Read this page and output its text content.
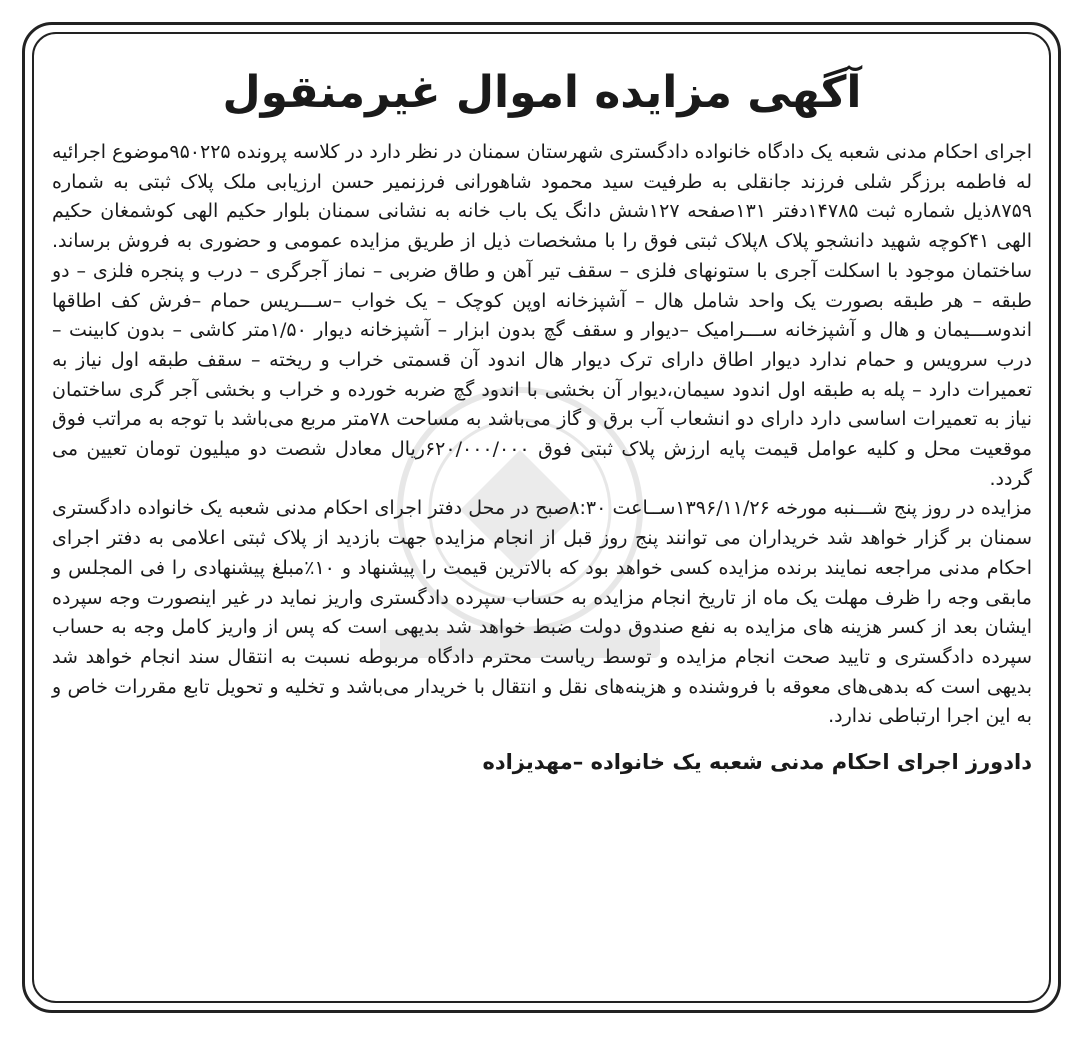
آگهی مزایده اموال غیرمنقول

اجرای احکام مدنی شعبه یک دادگاه خانواده دادگستری شهرستان سمنان در نظر دارد در کلاسه پرونده ۹۵۰۲۲۵موضوع اجرائیه له فاطمه برزگر شلی فرزند جانقلی به طرفیت سید محمود شاهورانی فرزنمیر حسن ارزیابی ملک پلاک ثبتی به شماره ۸۷۵۹ذیل شماره ثبت ۱۴۷۸۵دفتر ۱۳۱صفحه ۱۲۷شش دانگ یک باب خانه به نشانی سمنان بلوار حکیم الهی کوشمغان حکیم الهی ۴۱کوچه شهید دانشجو پلاک ۸پلاک ثبتی فوق را با مشخصات ذیل از طریق مزایده عمومی و حضوری به فروش برساند. ساختمان موجود با اسکلت آجری با ستونهای فلزی – سقف تیر آهن و طاق ضربی – نماز آجرگری – درب و پنجره فلزی – دو طبقه – هر طبقه بصورت یک واحد شامل هال – آشپزخانه اوپن کوچک – یک خواب –ســـریس حمام –فرش کف اطاقها اندوســـیمان و هال و آشپزخانه ســـرامیک –دیوار و سقف گچ بدون ابزار – آشپزخانه دیوار ۱/۵۰متر کاشی – بدون کابینت – درب سرویس و حمام ندارد دیوار اطاق دارای ترک دیوار هال اندود آن قسمتی خراب و ریخته – سقف طبقه اول نیاز به تعمیرات دارد – پله به طبقه اول اندود سیمان،دیوار آن بخشی با اندود گچ ضربه خورده و خراب و بخشی آجر گری ساختمان نیاز به تعمیرات اساسی دارد دارای دو انشعاب آب برق و گاز می‌باشد به مساحت ۷۸متر مربع می‌باشد با توجه به مراتب فوق موقعیت محل و کلیه عوامل قیمت پایه ارزش پلاک ثبتی فوق ۶۲۰/۰۰۰/۰۰۰ریال معادل شصت دو میلیون تومان تعیین می گردد.

مزایده در روز پنج شـــنبه مورخه ۱۳۹۶/۱۱/۲۶ســاعت ۸:۳۰صبح در محل دفتر اجرای احکام مدنی شعبه یک خانواده دادگستری سمنان بر گزار خواهد شد خریداران می توانند پنج روز قبل از انجام مزایده جهت بازدید از پلاک ثبتی اعلامی به دفتر اجرای احکام مدنی مراجعه نمایند برنده مزایده کسی خواهد بود که بالاترین قیمت را پیشنهاد و ۱۰٪مبلغ پیشنهادی را فی المجلس و مابقی وجه را ظرف مهلت یک ماه از تاریخ انجام مزایده به حساب سپرده دادگستری واریز نماید در غیر اینصورت وجه سپرده ایشان بعد از کسر هزینه های مزایده به نفع صندوق دولت ضبط خواهد شد بدیهی است که پس از واریز کامل وجه به حساب سپرده دادگستری و تایید صحت انجام مزایده و توسط ریاست محترم دادگاه مربوطه نسبت به انتقال سند انجام خواهد شد بدیهی است که بدهی‌های معوقه با فروشنده و هزینه‌های نقل و انتقال با خریدار می‌باشد و تخلیه و تحویل تابع مقررات خاص و به این اجرا ارتباطی ندارد.

دادورز اجرای احکام مدنی شعبه یک خانواده –مهدیزاده
